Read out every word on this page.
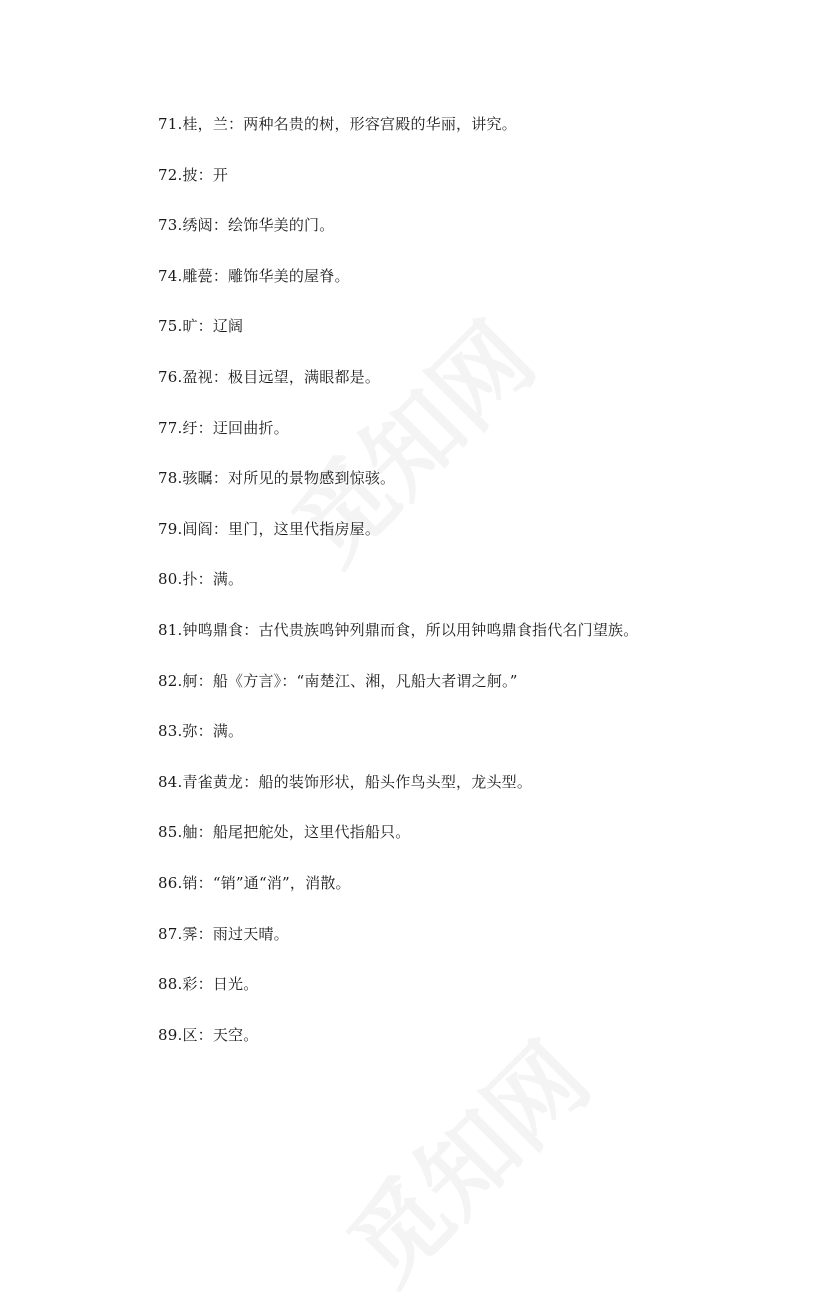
71.桂，兰：两种名贵的树，形容宫殿的华丽，讲究。
72.披：开
73.绣闼：绘饰华美的门。
74.雕甍：雕饰华美的屋脊。
75.旷：辽阔
76.盈视：极目远望，满眼都是。
77.纡：迂回曲折。
78.骇瞩：对所见的景物感到惊骇。
79.闾阎：里门，这里代指房屋。
80.扑：满。
81.钟鸣鼎食：古代贵族鸣钟列鼎而食，所以用钟鸣鼎食指代名门望族。
82.舸：船《方言》：“南楚江、湘，凡船大者谓之舸。”
83.弥：满。
84.青雀黄龙：船的装饰形状，船头作鸟头型，龙头型。
85.舳：船尾把舵处，这里代指船只。
86.销：“销”通“消”，消散。
87.霁：雨过天晴。
88.彩：日光。
89.区：天空。
